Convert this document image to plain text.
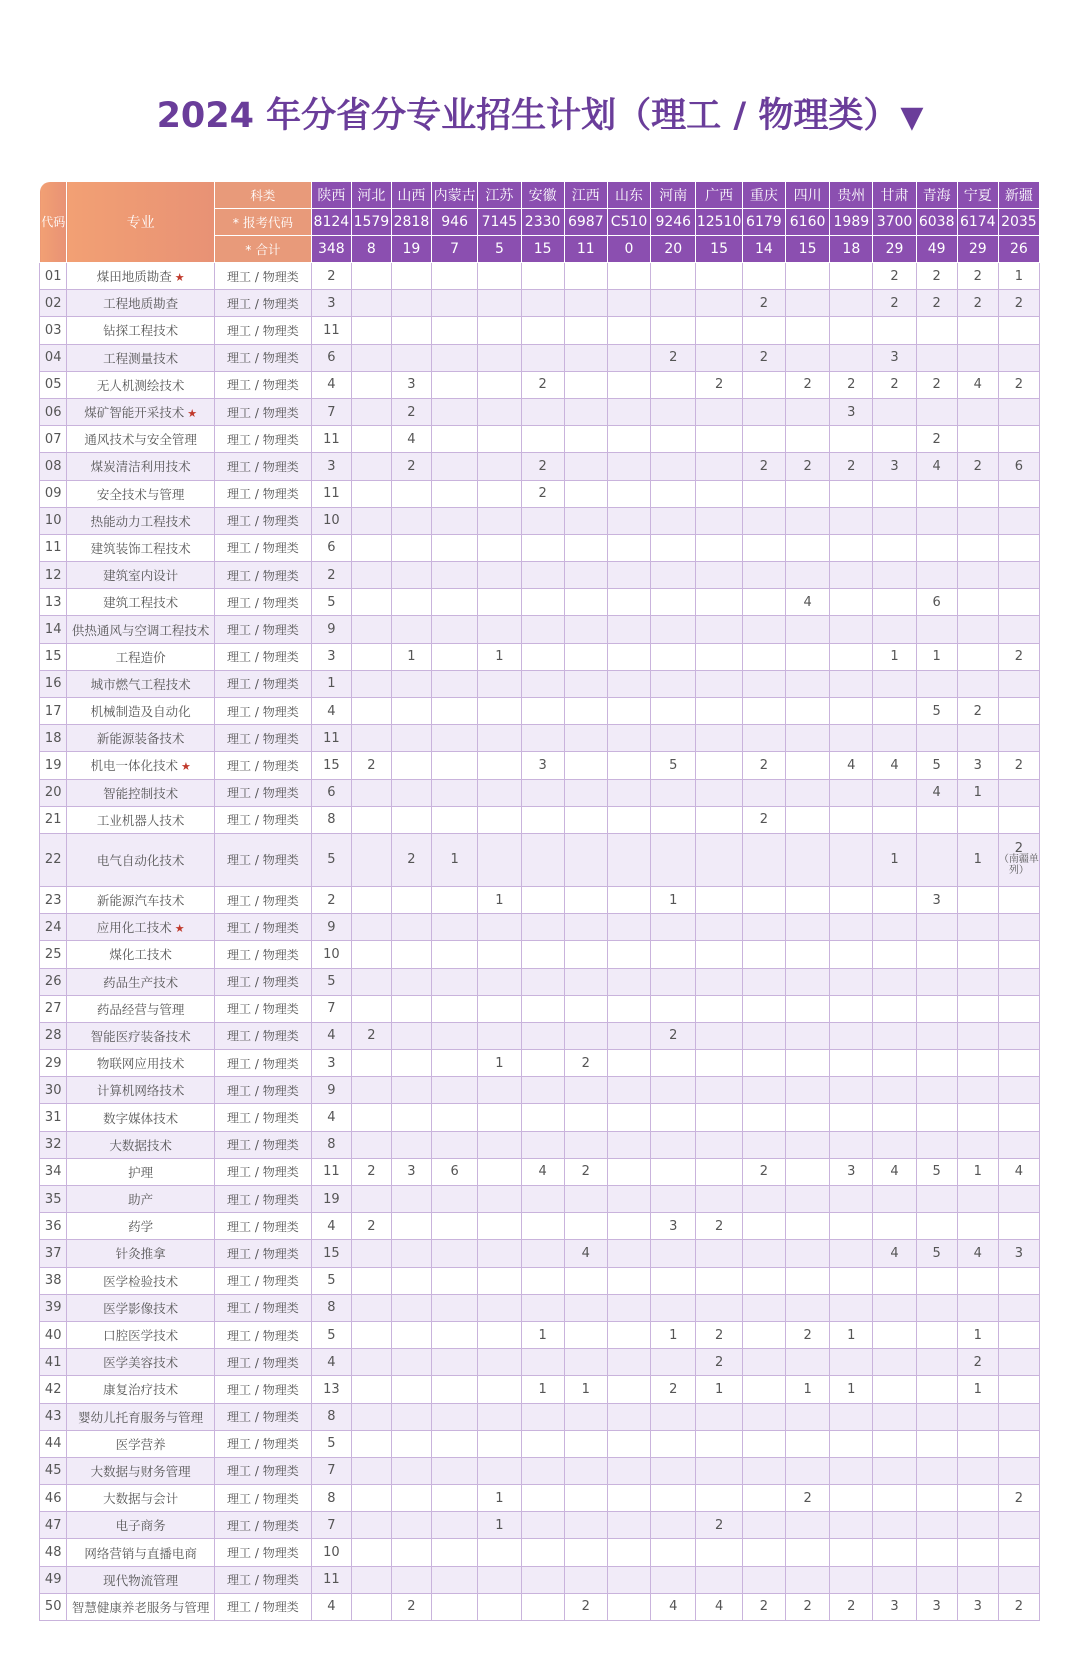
2024 年分省分专业招生计划（理工 / 物理类）▼
代码	专业	科类	陕西	河北	山西	内蒙古	江苏	安徽	江西	山东	河南	广西	重庆	四川	贵州	甘肃	青海	宁夏	新疆
		* 报考代码	8124	1579	2818	946	7145	2330	6987	C510	9246	12510	6179	6160	1989	3700	6038	6174	2035
		* 合计	348	8	19	7	5	15	11	0	20	15	14	15	18	29	49	29	26
01	煤田地质勘查 ★	理工 / 物理类	2													2	2	2	1
02	工程地质勘查	理工 / 物理类	3										2			2	2	2	2
03	钻探工程技术	理工 / 物理类	11																
04	工程测量技术	理工 / 物理类	6								2		2			3			
05	无人机测绘技术	理工 / 物理类	4		3			2				2		2	2	2	2	4	2
06	煤矿智能开采技术 ★	理工 / 物理类	7		2										3				
07	通风技术与安全管理	理工 / 物理类	11		4												2		
08	煤炭清洁利用技术	理工 / 物理类	3		2			2					2	2	2	3	4	2	6
09	安全技术与管理	理工 / 物理类	11					2											
10	热能动力工程技术	理工 / 物理类	10																
11	建筑装饰工程技术	理工 / 物理类	6																
12	建筑室内设计	理工 / 物理类	2																
13	建筑工程技术	理工 / 物理类	5											4			6		
14	供热通风与空调工程技术	理工 / 物理类	9																
15	工程造价	理工 / 物理类	3		1		1									1	1		2
16	城市燃气工程技术	理工 / 物理类	1																
17	机械制造及自动化	理工 / 物理类	4														5	2	
18	新能源装备技术	理工 / 物理类	11																
19	机电一体化技术 ★	理工 / 物理类	15	2				3			5		2		4	4	5	3	2
20	智能控制技术	理工 / 物理类	6														4	1	
21	工业机器人技术	理工 / 物理类	8										2						
22	电气自动化技术	理工 / 物理类	5		2	1										1		1	2
（南疆单列）

23	新能源汽车技术	理工 / 物理类	2				1				1						3		
24	应用化工技术 ★	理工 / 物理类	9																
25	煤化工技术	理工 / 物理类	10																
26	药品生产技术	理工 / 物理类	5																
27	药品经营与管理	理工 / 物理类	7																
28	智能医疗装备技术	理工 / 物理类	4	2							2								
29	物联网应用技术	理工 / 物理类	3				1		2										
30	计算机网络技术	理工 / 物理类	9																
31	数字媒体技术	理工 / 物理类	4																
32	大数据技术	理工 / 物理类	8																
34	护理	理工 / 物理类	11	2	3	6		4	2				2		3	4	5	1	4
35	助产	理工 / 物理类	19																
36	药学	理工 / 物理类	4	2							3	2							
37	针灸推拿	理工 / 物理类	15						4							4	5	4	3
38	医学检验技术	理工 / 物理类	5																
39	医学影像技术	理工 / 物理类	8																
40	口腔医学技术	理工 / 物理类	5					1			1	2		2	1			1	
41	医学美容技术	理工 / 物理类	4									2						2	
42	康复治疗技术	理工 / 物理类	13					1	1		2	1		1	1			1	
43	婴幼儿托育服务与管理	理工 / 物理类	8																
44	医学营养	理工 / 物理类	5																
45	大数据与财务管理	理工 / 物理类	7																
46	大数据与会计	理工 / 物理类	8				1							2					2
47	电子商务	理工 / 物理类	7				1					2							
48	网络营销与直播电商	理工 / 物理类	10																
49	现代物流管理	理工 / 物理类	11																
50	智慧健康养老服务与管理	理工 / 物理类	4		2				2		4	4	2	2	2	3	3	3	2
